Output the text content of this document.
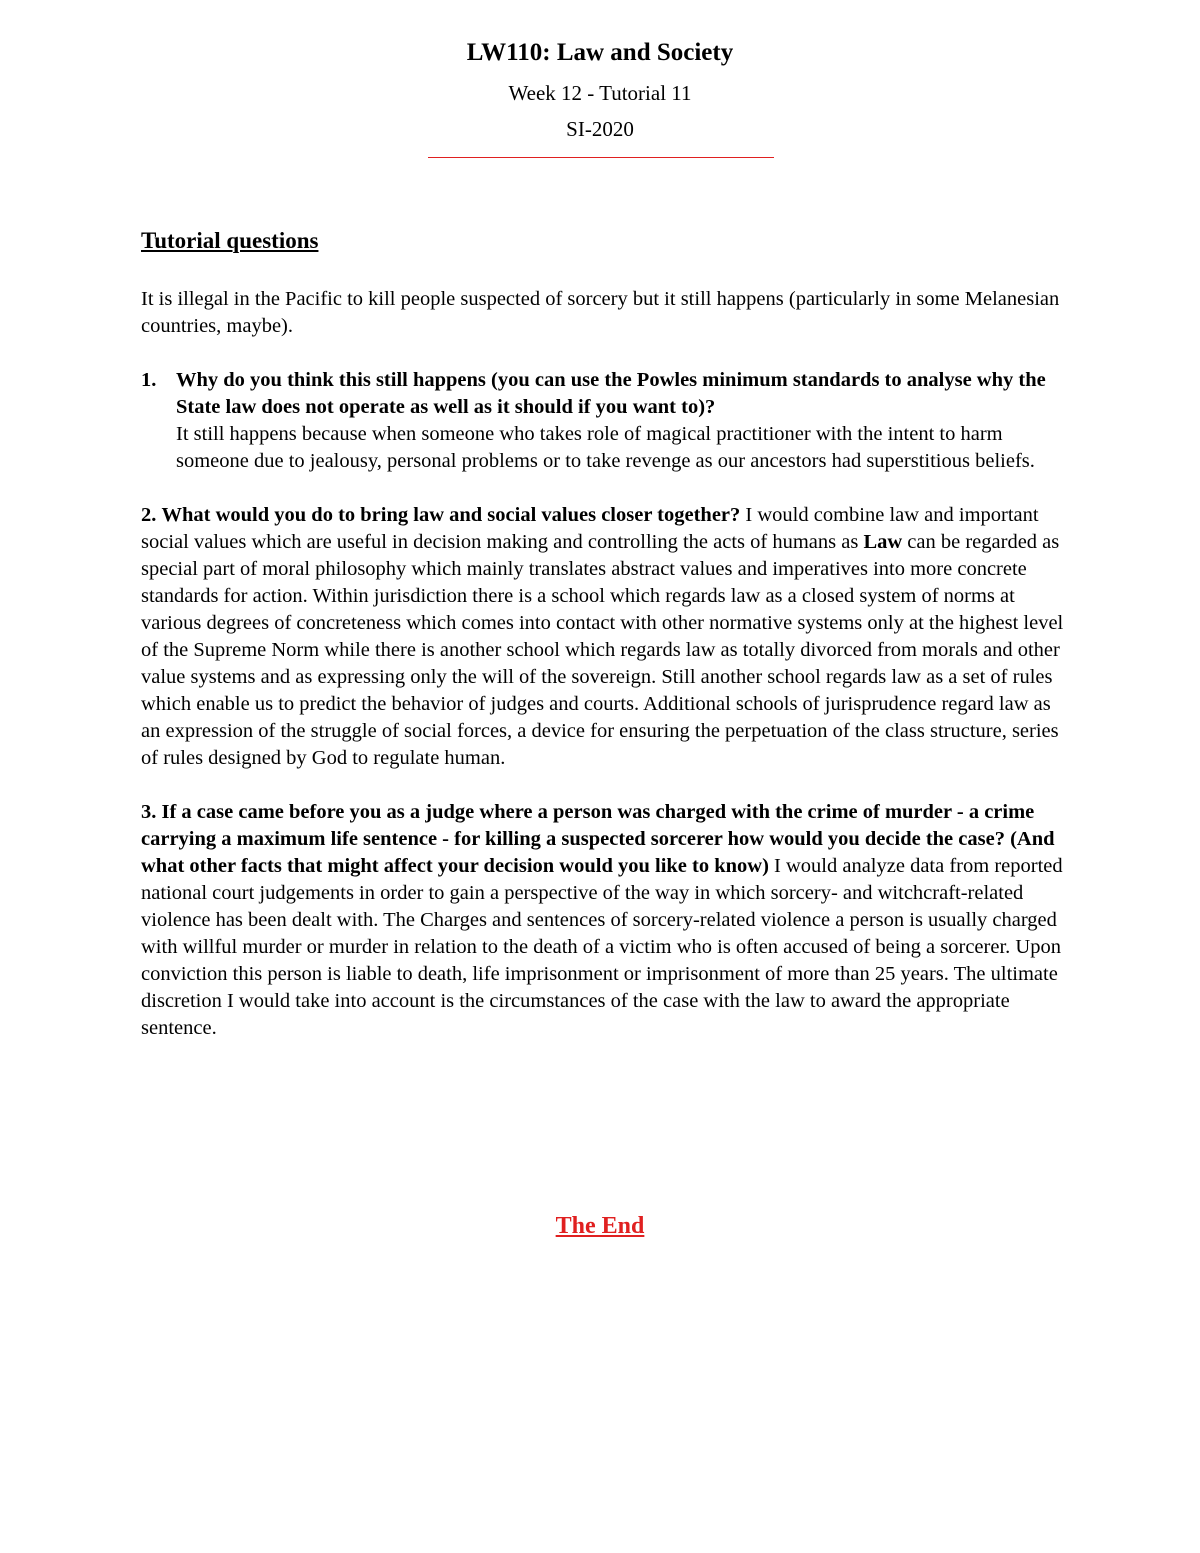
LW110: Law and Society

Week 12 - Tutorial 11

SI-2020

Tutorial questions

It is illegal in the Pacific to kill people suspected of sorcery but it still happens (particularly in some Melanesian countries, maybe).

1. Why do you think this still happens (you can use the Powles minimum standards to analyse why the State law does not operate as well as it should if you want to)?
It still happens because when someone who takes role of magical practitioner with the intent to harm someone due to jealousy, personal problems or to take revenge as our ancestors had superstitious beliefs.

2. What would you do to bring law and social values closer together? I would combine law and important social values which are useful in decision making and controlling the acts of humans as Law can be regarded as special part of moral philosophy which mainly translates abstract values and imperatives into more concrete standards for action. Within jurisdiction there is a school which regards law as a closed system of norms at various degrees of concreteness which comes into contact with other normative systems only at the highest level of the Supreme Norm while there is another school which regards law as totally divorced from morals and other value systems and as expressing only the will of the sovereign. Still another school regards law as a set of rules which enable us to predict the behavior of judges and courts. Additional schools of jurisprudence regard law as an expression of the struggle of social forces, a device for ensuring the perpetuation of the class structure, series of rules designed by God to regulate human.

3. If a case came before you as a judge where a person was charged with the crime of murder - a crime carrying a maximum life sentence - for killing a suspected sorcerer how would you decide the case? (And what other facts that might affect your decision would you like to know) I would analyze data from reported national court judgements in order to gain a perspective of the way in which sorcery- and witchcraft-related violence has been dealt with. The Charges and sentences of sorcery-related violence a person is usually charged with willful murder or murder in relation to the death of a victim who is often accused of being a sorcerer. Upon conviction this person is liable to death, life imprisonment or imprisonment of more than 25 years. The ultimate discretion I would take into account is the circumstances of the case with the law to award the appropriate sentence.

The End
